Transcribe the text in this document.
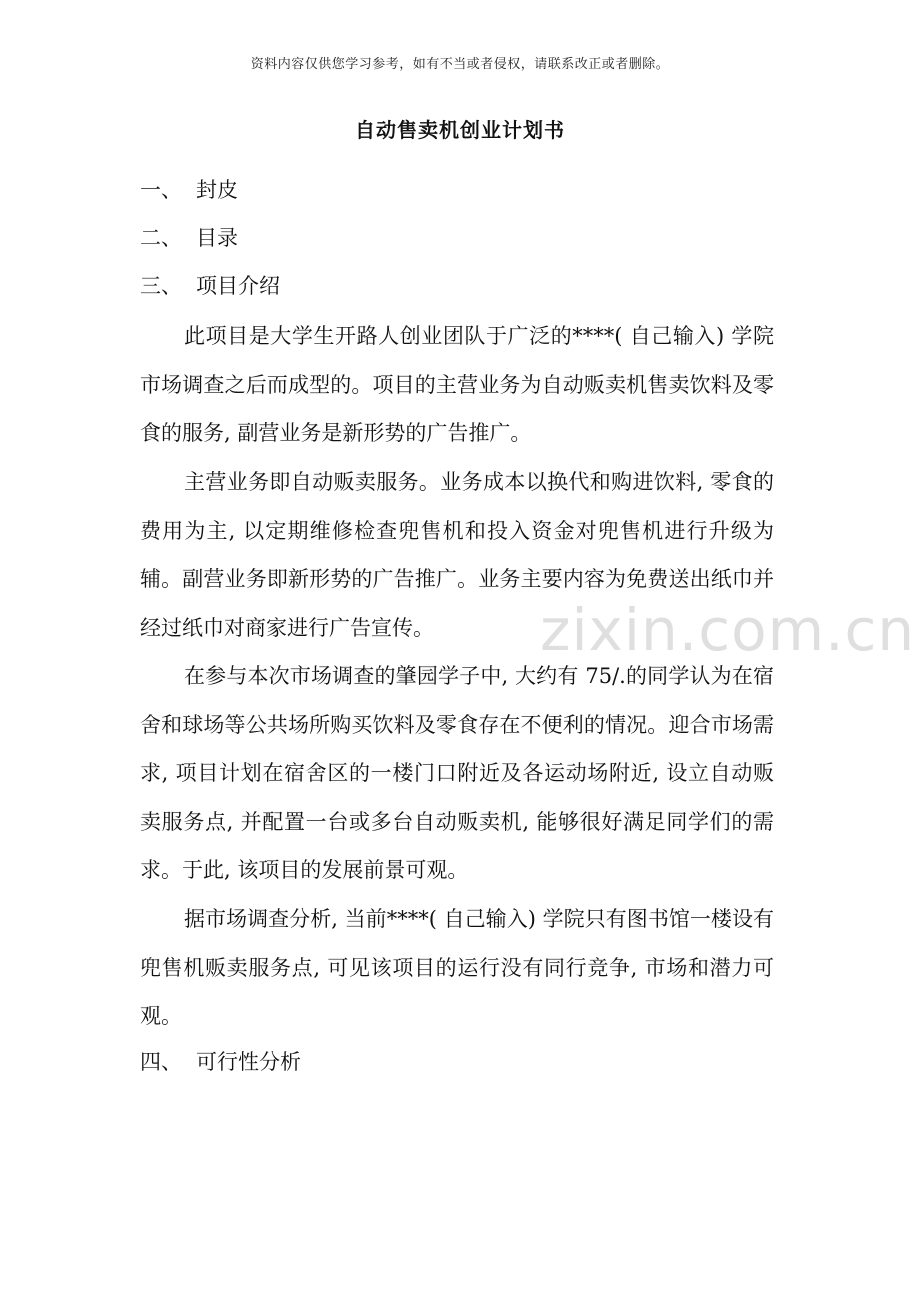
资料内容仅供您学习参考，如有不当或者侵权，请联系改正或者删除。
自动售卖机创业计划书
一、 封皮
二、 目录
三、 项目介绍

此项目是大学生开路人创业团队于广泛的****( 自己输入) 学院市场调查之后而成型的。项目的主营业务为自动贩卖机售卖饮料及零食的服务, 副营业务是新形势的广告推广。

主营业务即自动贩卖服务。业务成本以换代和购进饮料, 零食的费用为主, 以定期维修检查兜售机和投入资金对兜售机进行升级为辅。副营业务即新形势的广告推广。业务主要内容为免费送出纸巾并经过纸巾对商家进行广告宣传。

在参与本次市场调查的肇园学子中, 大约有 75/.的同学认为在宿舍和球场等公共场所购买饮料及零食存在不便利的情况。迎合市场需求, 项目计划在宿舍区的一楼门口附近及各运动场附近, 设立自动贩卖服务点, 并配置一台或多台自动贩卖机, 能够很好满足同学们的需求。于此, 该项目的发展前景可观。

据市场调查分析, 当前****( 自己输入) 学院只有图书馆一楼设有兜售机贩卖服务点, 可见该项目的运行没有同行竞争, 市场和潜力可观。

四、 可行性分析
zixin.com.cn
